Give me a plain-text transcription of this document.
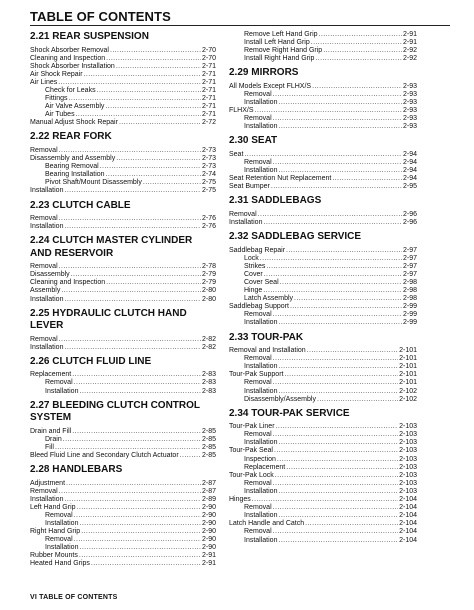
TABLE OF CONTENTS
2.21 REAR SUSPENSION
Shock Absorber Removal .....	2-70
Cleaning and Inspection .....	2-70
Shock Absorber Installation .....	2-71
Air Shock Repair .....	2-71
Air Lines .....	2-71
Check for Leaks .....	2-71
Fittings .....	2-71
Air Valve Assembly .....	2-71
Air Tubes .....	2-71
Manual Adjust Shock Repair .....	2-72
2.22 REAR FORK
Removal .....	2-73
Disassembly and Assembly .....	2-73
Bearing Removal .....	2-73
Bearing Installation .....	2-74
Pivot Shaft/Mount Disassembly .....	2-75
Installation .....	2-75
2.23 CLUTCH CABLE
Removal .....	2-76
Installation .....	2-76
2.24 CLUTCH MASTER CYLINDER AND RESERVOIR
Removal .....	2-78
Disassembly .....	2-79
Cleaning and Inspection .....	2-79
Assembly .....	2-80
Installation .....	2-80
2.25 HYDRAULIC CLUTCH HAND LEVER
Removal .....	2-82
Installation .....	2-82
2.26 CLUTCH FLUID LINE
Replacement .....	2-83
Removal .....	2-83
Installation .....	2-83
2.27 BLEEDING CLUTCH CONTROL SYSTEM
Drain and Fill .....	2-85
Drain .....	2-85
Fill .....	2-85
Bleed Fluid Line and Secondary Clutch Actuator .....	2-85
2.28 HANDLEBARS
Adjustment .....	2-87
Removal .....	2-87
Installation .....	2-89
Left Hand Grip .....	2-90
Removal .....	2-90
Installation .....	2-90
Right Hand Grip .....	2-90
Removal .....	2-90
Installation .....	2-90
Rubber Mounts .....	2-91
Heated Hand Grips .....	2-91
Remove Left Hand Grip .....	2-91
Install Left Hand Grip .....	2-91
Remove Right Hand Grip .....	2-92
Install Right Hand Grip .....	2-92
2.29 MIRRORS
All Models Except FLHX/S .....	2-93
Removal .....	2-93
Installation .....	2-93
FLHX/S .....	2-93
Removal .....	2-93
Installation .....	2-93
2.30 SEAT
Seat .....	2-94
Removal .....	2-94
Installation .....	2-94
Seat Retention Nut Replacement .....	2-94
Seat Bumper .....	2-95
2.31 SADDLEBAGS
Removal .....	2-96
Installation .....	2-96
2.32 SADDLEBAG SERVICE
Saddlebag Repair .....	2-97
Lock .....	2-97
Strikes .....	2-97
Cover .....	2-97
Cover Seal .....	2-98
Hinge .....	2-98
Latch Assembly .....	2-98
Saddlebag Support .....	2-99
Removal .....	2-99
Installation .....	2-99
2.33 TOUR-PAK
Removal and Installation .....	2-101
Removal .....	2-101
Installation .....	2-101
Tour-Pak Support .....	2-101
Removal .....	2-101
Installation .....	2-102
Disassembly/Assembly .....	2-102
2.34 TOUR-PAK SERVICE
Tour-Pak Liner .....	2-103
Removal .....	2-103
Installation .....	2-103
Tour-Pak Seal .....	2-103
Inspection .....	2-103
Replacement .....	2-103
Tour-Pak Lock .....	2-103
Removal .....	2-103
Installation .....	2-103
Hinges .....	2-104
Removal .....	2-104
Installation .....	2-104
Latch Handle and Catch .....	2-104
Removal .....	2-104
Installation .....	2-104
VI TABLE OF CONTENTS
